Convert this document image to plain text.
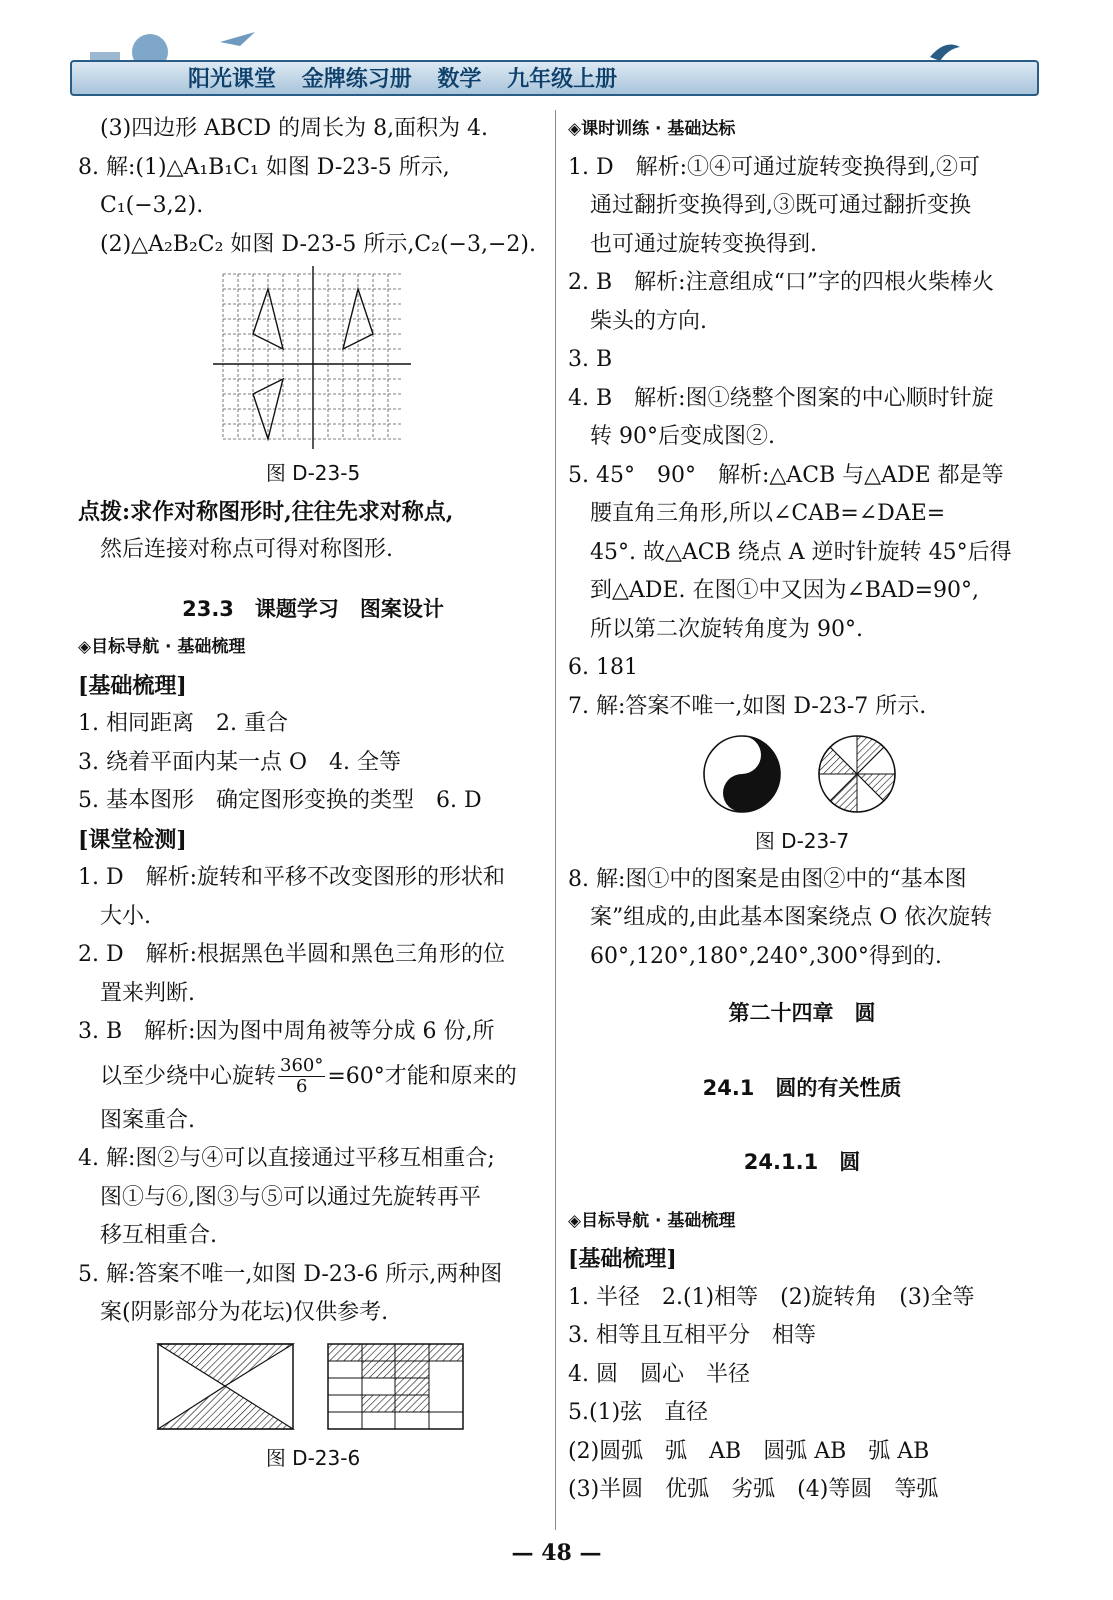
阳光课堂 金牌练习册 数学 九年级上册
(3)四边形 ABCD 的周长为 8,面积为 4.
8. 解:(1)△A₁B₁C₁ 如图 D-23-5 所示,
C₁(−3,2).
(2)△A₂B₂C₂ 如图 D-23-5 所示,C₂(−3,−2).
图 D-23-5
点拨:求作对称图形时,往往先求对称点,
然后连接对称点可得对称图形.
23.3　课题学习　图案设计
◈目标导航 · 基础梳理
[基础梳理]
1. 相同距离　2. 重合
3. 绕着平面内某一点 O　4. 全等
5. 基本图形　确定图形变换的类型　6. D
[课堂检测]
1. D　解析:旋转和平移不改变图形的形状和
大小.
2. D　解析:根据黑色半圆和黑色三角形的位
置来判断.
3. B　解析:因为图中周角被等分成 6 份,所
以至少绕中心旋转 $\frac{360^\circ}{6} =60^\circ$才能和原来的
图案重合.
4. 解:图②与④可以直接通过平移互相重合;
图①与⑥,图③与⑤可以通过先旋转再平
移互相重合.
5. 解:答案不唯一,如图 D-23-6 所示,两种图
案(阴影部分为花坛)仅供参考.
图 D-23-6
◈课时训练 · 基础达标
1. D　解析:①④可通过旋转变换得到,②可
通过翻折变换得到,③既可通过翻折变换
也可通过旋转变换得到.
2. B　解析:注意组成“口”字的四根火柴棒火
柴头的方向.
3. B
4. B　解析:图①绕整个图案的中心顺时针旋
转 90°后变成图②.
5. 45°　90°　解析:△ACB 与△ADE 都是等
腰直角三角形,所以∠CAB=∠DAE=
45°. 故△ACB 绕点 A 逆时针旋转 45°后得
到△ADE. 在图①中又因为∠BAD=90°,
所以第二次旋转角度为 90°.
6. 181
7. 解:答案不唯一,如图 D-23-7 所示.
图 D-23-7
8. 解:图①中的图案是由图②中的“基本图
案”组成的,由此基本图案绕点 O 依次旋转
60°,120°,180°,240°,300°得到的.
第二十四章　圆
24.1　圆的有关性质
24.1.1　圆
◈目标导航 · 基础梳理
[基础梳理]
1. 半径　2.(1)相等　(2)旋转角　(3)全等
3. 相等且互相平分　相等
4. 圆　圆心　半径
5.(1)弦　直径
(2)圆弧　弧　AB　圆弧 AB　弧 AB
(3)半圆　优弧　劣弧　(4)等圆　等弧
— 48 —
